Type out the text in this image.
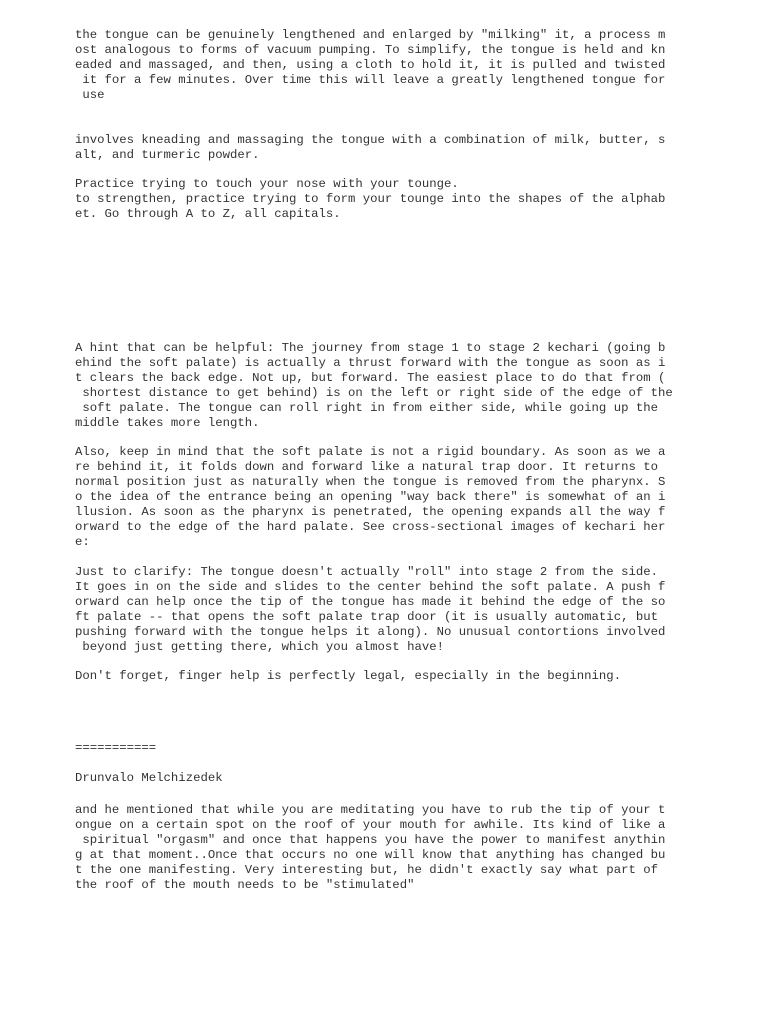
the tongue can be genuinely lengthened and enlarged by "milking" it, a process m

ost analogous to forms of vacuum pumping. To simplify, the tongue is held and kn

eaded and massaged, and then, using a cloth to hold it, it is pulled and twisted

it for a few minutes. Over time this will leave a greatly lengthened tongue for

use

involves kneading and massaging the tongue with a combination of milk, butter, s

alt, and turmeric powder.

Practice trying to touch your nose with your tounge.

to strengthen, practice trying to form your tounge into the shapes of the alphab

et. Go through A to Z, all capitals.

A hint that can be helpful: The journey from stage 1 to stage 2 kechari (going b

ehind the soft palate) is actually a thrust forward with the tongue as soon as i

t clears the back edge. Not up, but forward. The easiest place to do that from (

shortest distance to get behind) is on the left or right side of the edge of the

soft palate. The tongue can roll right in from either side, while going up the

middle takes more length.

Also, keep in mind that the soft palate is not a rigid boundary. As soon as we a

re behind it, it folds down and forward like a natural trap door. It returns to

normal position just as naturally when the tongue is removed from the pharynx. S

o the idea of the entrance being an opening "way back there" is somewhat of an i

llusion. As soon as the pharynx is penetrated, the opening expands all the way f

orward to the edge of the hard palate. See cross-sectional images of kechari her

e:

Just to clarify: The tongue doesn't actually "roll" into stage 2 from the side.

It goes in on the side and slides to the center behind the soft palate. A push f

orward can help once the tip of the tongue has made it behind the edge of the so

ft palate -- that opens the soft palate trap door (it is usually automatic, but

pushing forward with the tongue helps it along). No unusual contortions involved

beyond just getting there, which you almost have!

Don't forget, finger help is perfectly legal, especially in the beginning.

===========

Drunvalo Melchizedek

and he mentioned that while you are meditating you have to rub the tip of your t

ongue on a certain spot on the roof of your mouth for awhile. Its kind of like a

spiritual "orgasm" and once that happens you have the power to manifest anythin

g at that moment..Once that occurs no one will know that anything has changed bu

t the one manifesting. Very interesting but, he didn't exactly say what part of

the roof of the mouth needs to be "stimulated"
